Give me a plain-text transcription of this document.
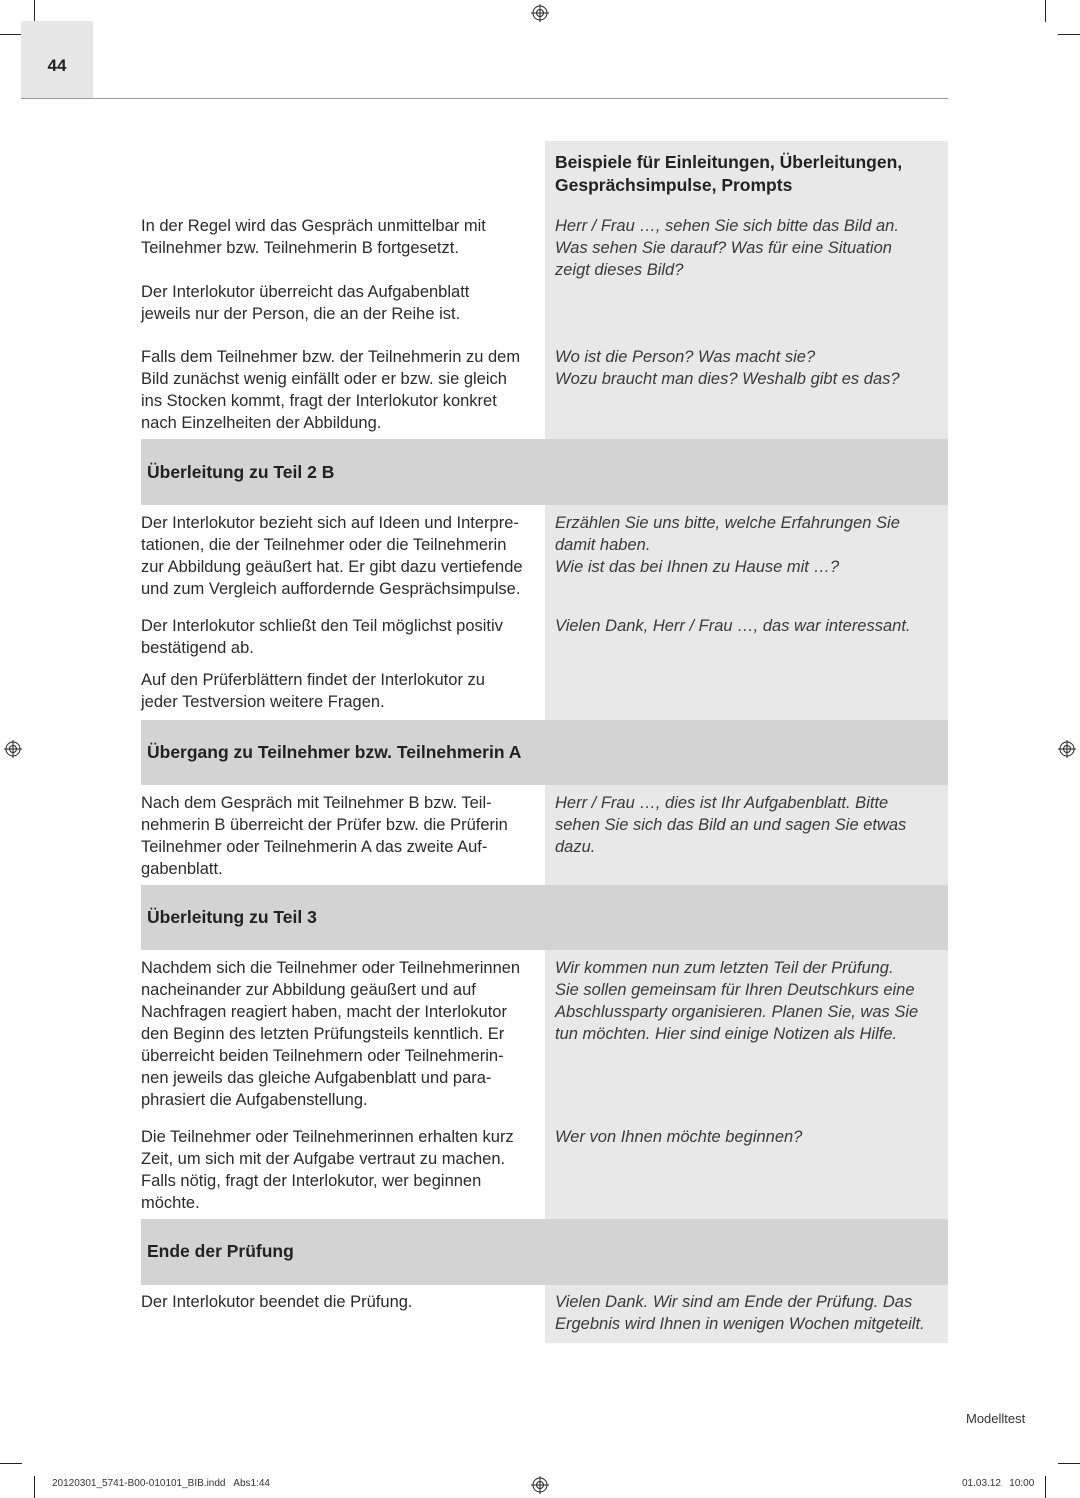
44
Beispiele für Einleitungen, Überleitungen, Gesprächsimpulse, Prompts

In der Regel wird das Gespräch unmittelbar mit
Teilnehmer bzw. Teilnehmerin B fortgesetzt.

Der Interlokutor überreicht das Aufgabenblatt
jeweils nur der Person, die an der Reihe ist.

Herr / Frau …, sehen Sie sich bitte das Bild an.
Was sehen Sie darauf? Was für eine Situation
zeigt dieses Bild?

Falls dem Teilnehmer bzw. der Teilnehmerin zu dem
Bild zunächst wenig einfällt oder er bzw. sie gleich
ins Stocken kommt, fragt der Interlokutor konkret
nach Einzelheiten der Abbildung.

Wo ist die Person? Was macht sie?
Wozu braucht man dies? Weshalb gibt es das?

Überleitung zu Teil 2 B

Der Interlokutor bezieht sich auf Ideen und Interpre-
tationen, die der Teilnehmer oder die Teilnehmerin
zur Abbildung geäußert hat. Er gibt dazu vertiefende
und zum Vergleich auffordernde Gesprächsimpulse.

Erzählen Sie uns bitte, welche Erfahrungen Sie
damit haben.
Wie ist das bei Ihnen zu Hause mit …?

Der Interlokutor schließt den Teil möglichst positiv
bestätigend ab.

Vielen Dank, Herr / Frau …, das war interessant.

Auf den Prüferblättern findet der Interlokutor zu
jeder Testversion weitere Fragen.

Übergang zu Teilnehmer bzw. Teilnehmerin A

Nach dem Gespräch mit Teilnehmer B bzw. Teil-
nehmerin B überreicht der Prüfer bzw. die Prüferin
Teilnehmer oder Teilnehmerin A das zweite Auf-
gabenblatt.

Herr / Frau …, dies ist Ihr Aufgabenblatt. Bitte
sehen Sie sich das Bild an und sagen Sie etwas
dazu.

Überleitung zu Teil 3

Nachdem sich die Teilnehmer oder Teilnehmerinnen
nacheinander zur Abbildung geäußert und auf
Nachfragen reagiert haben, macht der Interlokutor
den Beginn des letzten Prüfungsteils kenntlich. Er
überreicht beiden Teilnehmern oder Teilnehmerin-
nen jeweils das gleiche Aufgabenblatt und para-
phrasiert die Aufgabenstellung.

Wir kommen nun zum letzten Teil der Prüfung.
Sie sollen gemeinsam für Ihren Deutschkurs eine
Abschlussparty organisieren. Planen Sie, was Sie
tun möchten. Hier sind einige Notizen als Hilfe.

Die Teilnehmer oder Teilnehmerinnen erhalten kurz
Zeit, um sich mit der Aufgabe vertraut zu machen.
Falls nötig, fragt der Interlokutor, wer beginnen
möchte.

Wer von Ihnen möchte beginnen?

Ende der Prüfung

Der Interlokutor beendet die Prüfung.	Vielen Dank. Wir sind am Ende der Prüfung. Das
Ergebnis wird Ihnen in wenigen Wochen mitgeteilt.

Modelltest
20120301_5741-B00-010101_BIB.indd   Abs1:44	01.03.12   10:00
